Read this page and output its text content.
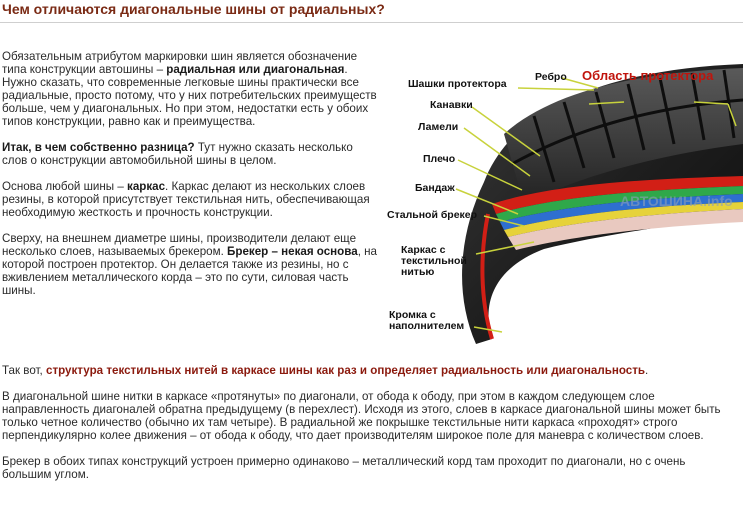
Чем отличаются диагональные шины от радиальных?

Обязательным атрибутом маркировки шин является обозначение типа конструкции автошины – радиальная или диагональная. Нужно сказать, что современные легковые шины практически все радиальные, просто потому, что у них потребительских преимуществ больше, чем у диагональных. Но при этом, недостатки есть у обоих типов конструкции, равно как и преимущества.

Итак, в чем собственно разница? Тут нужно сказать несколько слов о конструкции автомобильной шины в целом.

Основа любой шины – каркас. Каркас делают из нескольких слоев резины, в которой присутствует текстильная нить, обеспечивающая необходимую жесткость и прочность конструкции.

Сверху, на внешнем диаметре шины, производители делают еще несколько слоев, называемых брекером. Брекер – некая основа, на которой построен протектор. Он делается также из резины, но с вживлением металлического корда – это по сути, силовая часть шины.

АВТОШИНА.info
Шашки протектора
Ребро Область протектора
Канавки
Ламели
Плечо
Бандаж
Стальной брекер
Каркас с текстильной нитью
Кромка с наполнителем

Так вот, структура текстильных нитей в каркасе шины как раз и определяет радиальность или диагональность.

В диагональной шине нитки в каркасе «протянуты» по диагонали, от обода к ободу, при этом в каждом следующем слое направленность диагоналей обратна предыдущему (в перехлест). Исходя из этого, слоев в каркасе диагональной шины может быть только четное количество (обычно их там четыре). В радиальной же покрышке текстильные нити каркаса «проходят» строго перпендикулярно колее движения – от обода к ободу, что дает производителям широкое поле для маневра с количеством слоев.

Брекер в обоих типах конструкций устроен примерно одинаково – металлический корд там проходит по диагонали, но с очень большим углом.
